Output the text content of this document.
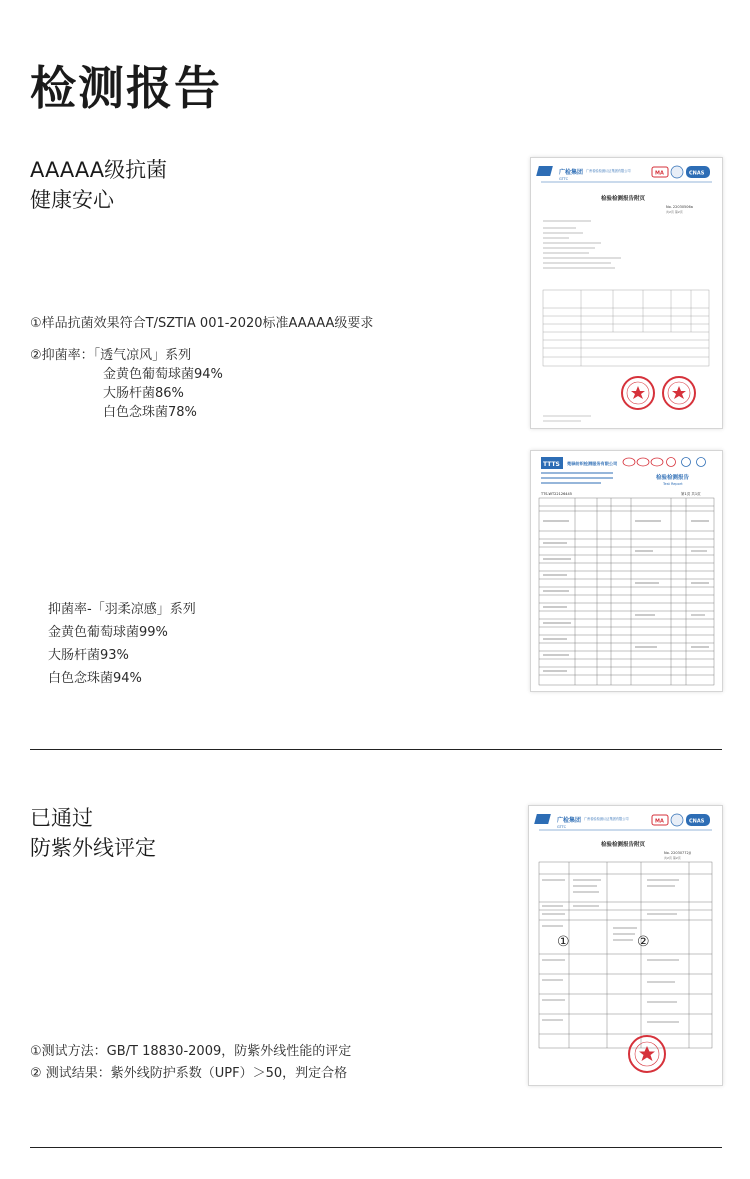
检测报告
AAAAA级抗菌
健康安心
①样品抗菌效果符合T/SZTIA 001-2020标准AAAAA级要求
②抑菌率：「透气凉风」系列
金黄色葡萄球菌94%
大肠杆菌86%
白色念珠菌78%
抑菌率-「羽柔凉感」系列
金黄色葡萄球菌99%
大肠杆菌93%
白色念珠菌94%
广检集团
GTTC
广州检验检测认证集团有限公司	MA	CNAS
检验检测报告附页
No. 22030506a
共2页 第2页
TTTS 莞驿纺织检测服务有限公司
检验检测报告
Test Report
TTS-WT22126445	第1页 共1页
已通过
防紫外线评定
①测试方法：GB/T 18830-2009，防紫外线性能的评定
② 测试结果：紫外线防护系数（UPF）＞50，判定合格
广检集团
GTTC
广州检验检测认证集团有限公司	MA	CNAS
检验检测报告附页
No. 22030772JJ
共2页 第2页
①	②
